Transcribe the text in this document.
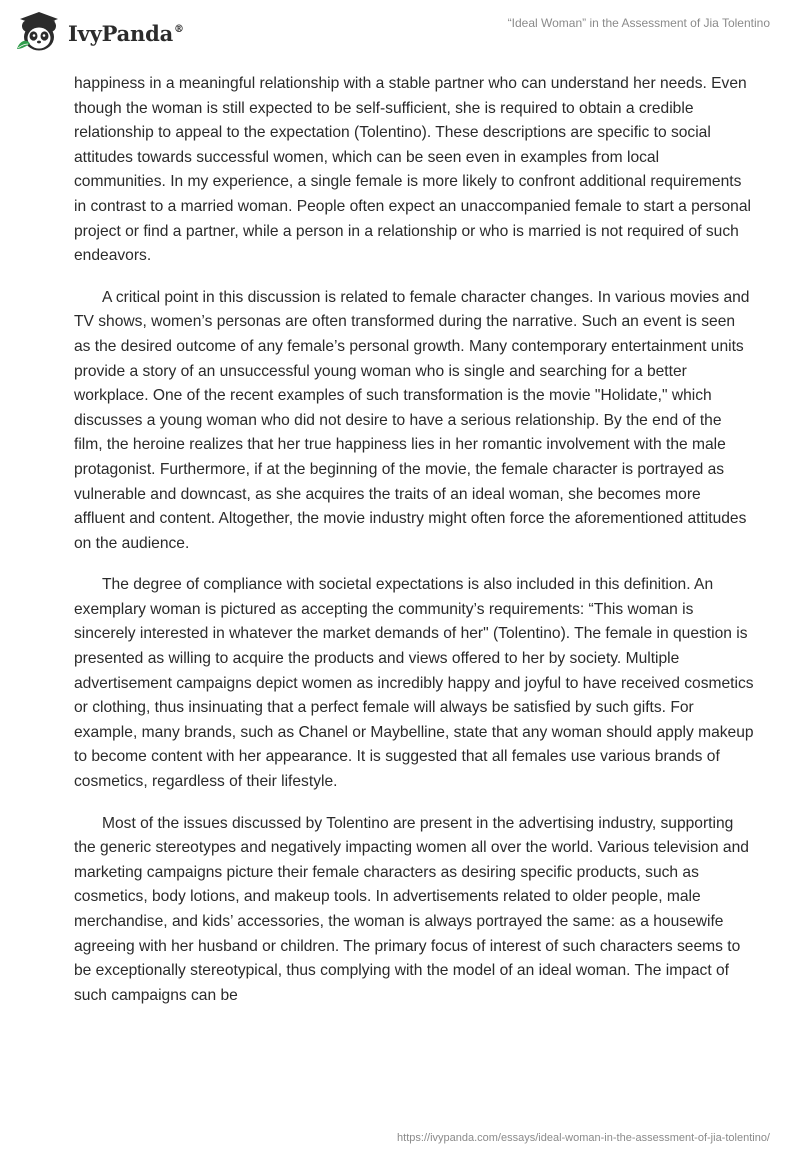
IvyPanda®	“Ideal Woman” in the Assessment of Jia Tolentino

happiness in a meaningful relationship with a stable partner who can understand her needs. Even though the woman is still expected to be self-sufficient, she is required to obtain a credible relationship to appeal to the expectation (Tolentino). These descriptions are specific to social attitudes towards successful women, which can be seen even in examples from local communities. In my experience, a single female is more likely to confront additional requirements in contrast to a married woman. People often expect an unaccompanied female to start a personal project or find a partner, while a person in a relationship or who is married is not required of such endeavors.

A critical point in this discussion is related to female character changes. In various movies and TV shows, women’s personas are often transformed during the narrative. Such an event is seen as the desired outcome of any female’s personal growth. Many contemporary entertainment units provide a story of an unsuccessful young woman who is single and searching for a better workplace. One of the recent examples of such transformation is the movie "Holidate," which discusses a young woman who did not desire to have a serious relationship. By the end of the film, the heroine realizes that her true happiness lies in her romantic involvement with the male protagonist. Furthermore, if at the beginning of the movie, the female character is portrayed as vulnerable and downcast, as she acquires the traits of an ideal woman, she becomes more affluent and content. Altogether, the movie industry might often force the aforementioned attitudes on the audience.

The degree of compliance with societal expectations is also included in this definition. An exemplary woman is pictured as accepting the community’s requirements: “This woman is sincerely interested in whatever the market demands of her" (Tolentino). The female in question is presented as willing to acquire the products and views offered to her by society. Multiple advertisement campaigns depict women as incredibly happy and joyful to have received cosmetics or clothing, thus insinuating that a perfect female will always be satisfied by such gifts. For example, many brands, such as Chanel or Maybelline, state that any woman should apply makeup to become content with her appearance. It is suggested that all females use various brands of cosmetics, regardless of their lifestyle.

Most of the issues discussed by Tolentino are present in the advertising industry, supporting the generic stereotypes and negatively impacting women all over the world. Various television and marketing campaigns picture their female characters as desiring specific products, such as cosmetics, body lotions, and makeup tools. In advertisements related to older people, male merchandise, and kids’ accessories, the woman is always portrayed the same: as a housewife agreeing with her husband or children. The primary focus of interest of such characters seems to be exceptionally stereotypical, thus complying with the model of an ideal woman. The impact of such campaigns can be

https://ivypanda.com/essays/ideal-woman-in-the-assessment-of-jia-tolentino/
